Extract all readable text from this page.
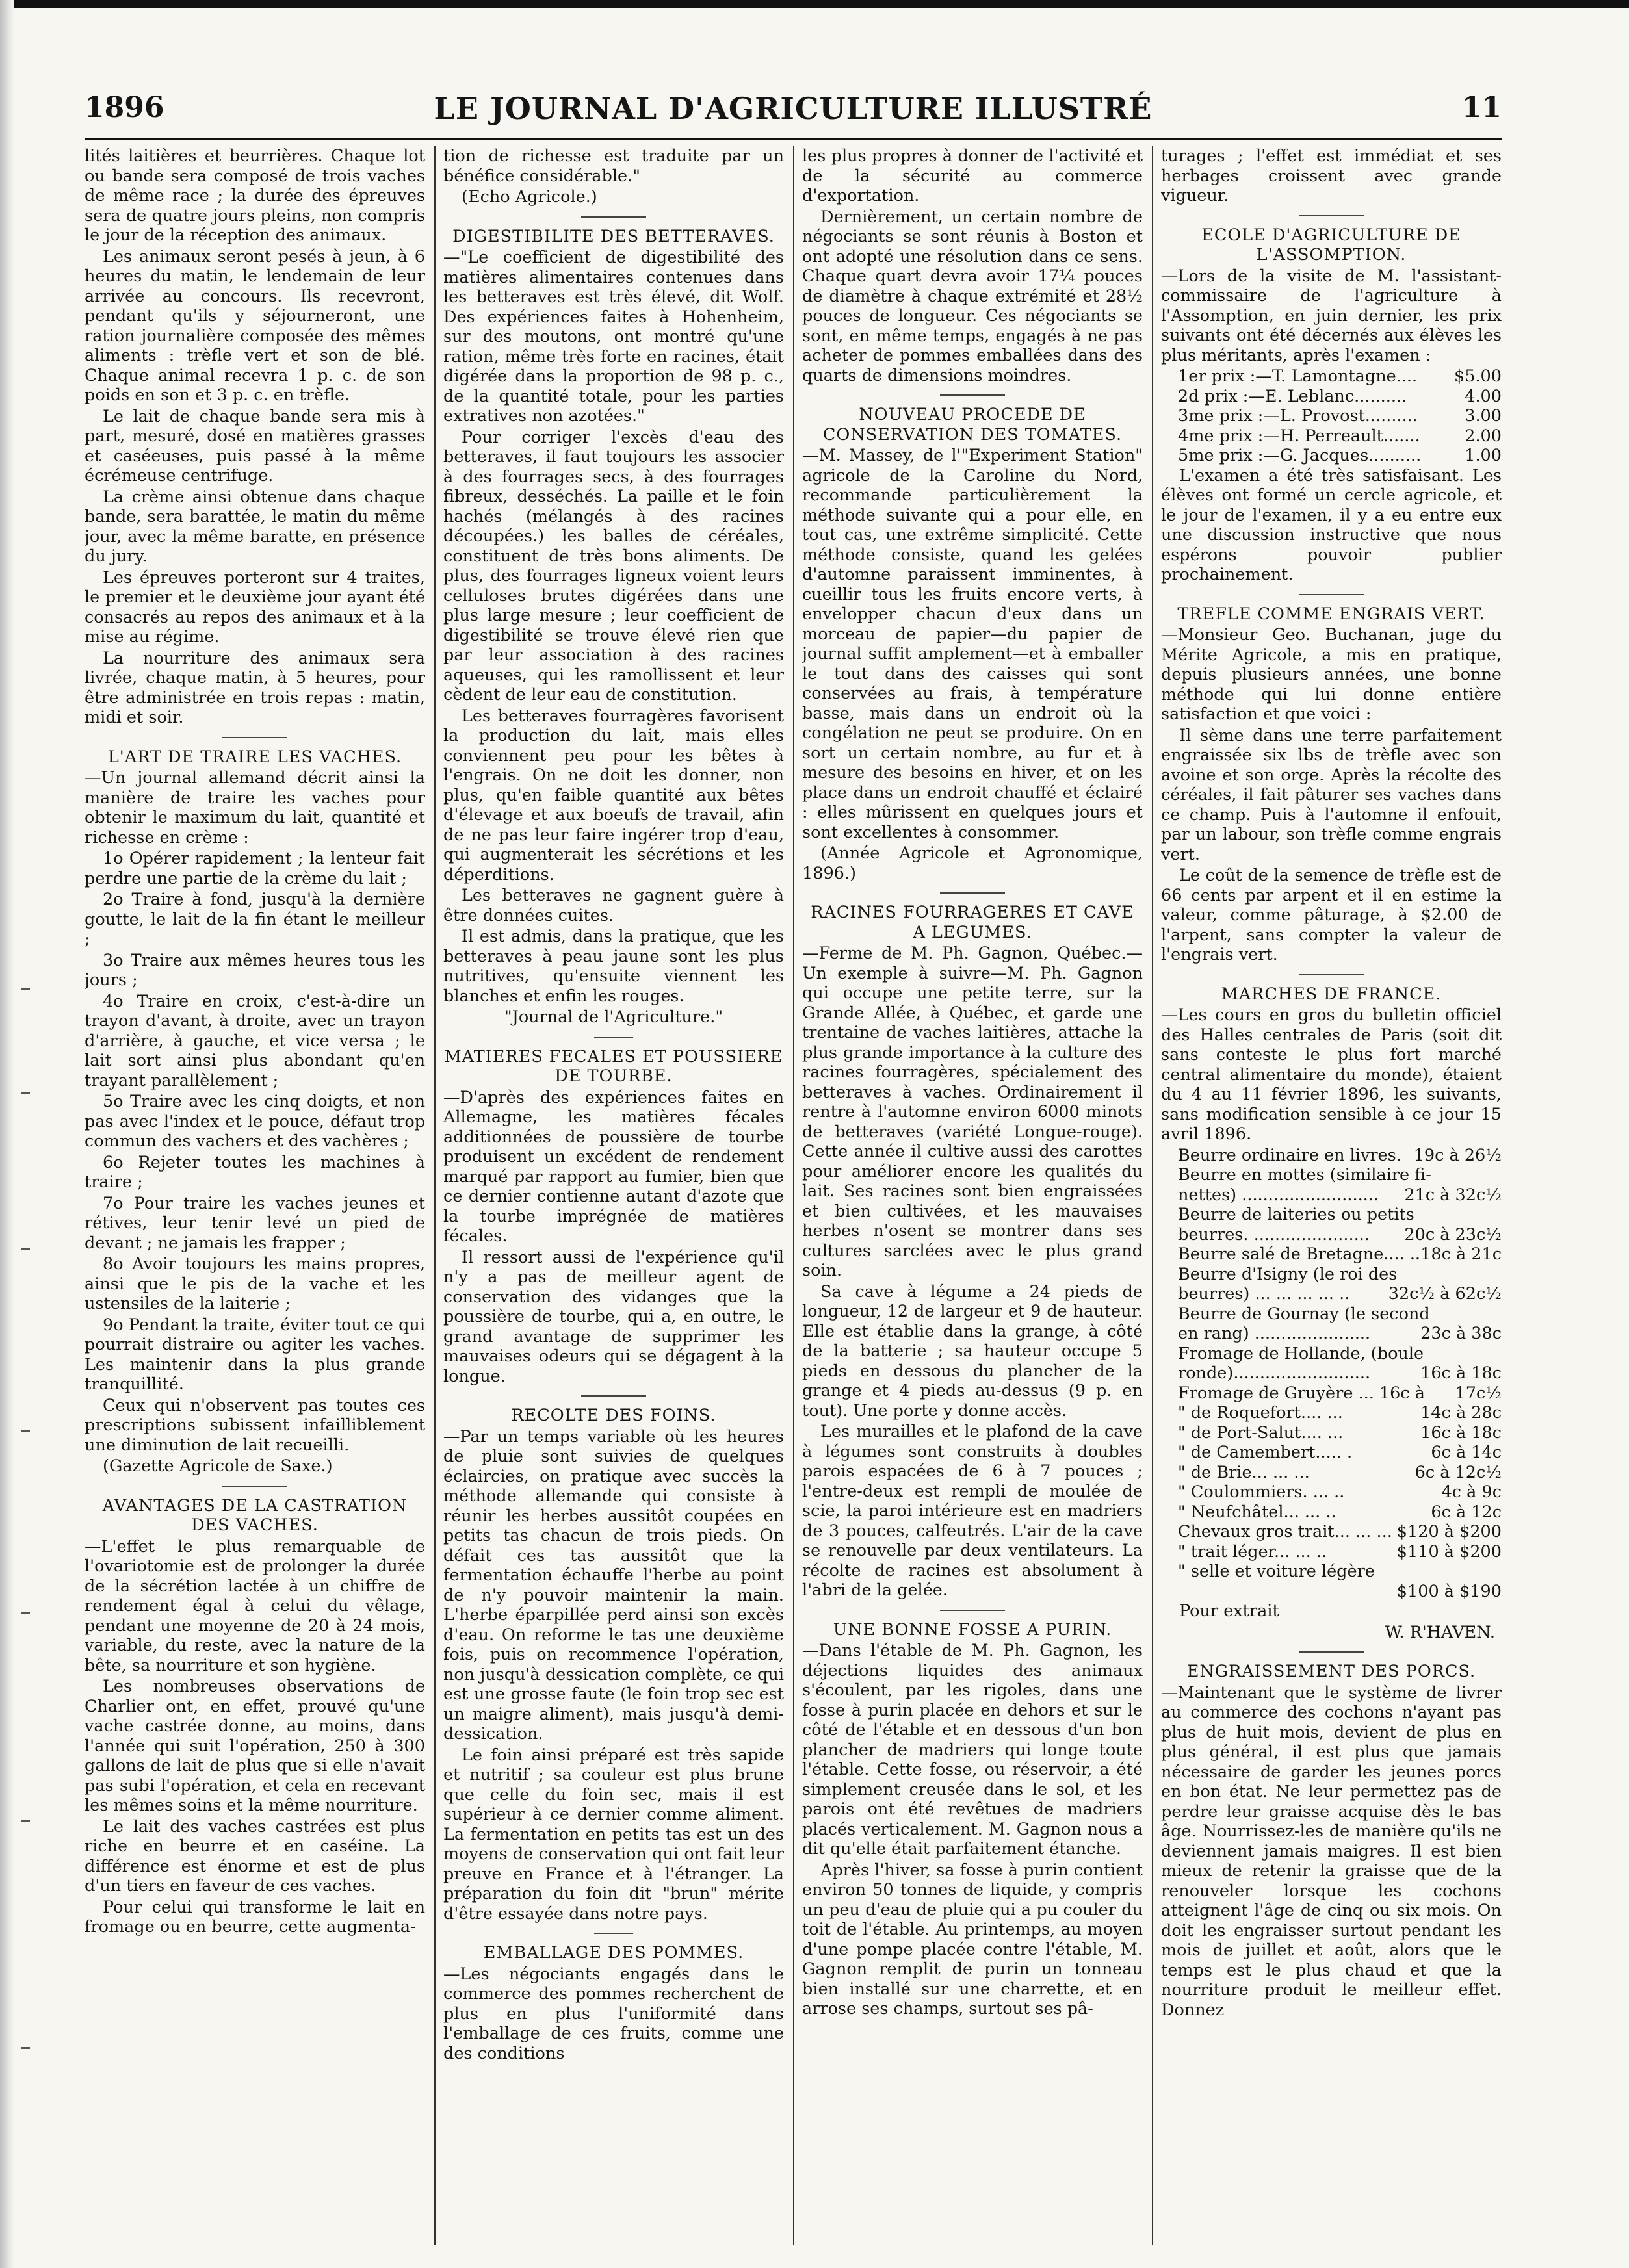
1896	LE JOURNAL D'AGRICULTURE ILLUSTRÉ	11

lités laitières et beurrières. Chaque lot ou bande sera composé de trois vaches de même race ; la durée des épreuves sera de quatre jours pleins, non compris le jour de la réception des animaux.

Les animaux seront pesés à jeun, à 6 heures du matin, le lendemain de leur arrivée au concours. Ils recevront, pendant qu'ils y séjourneront, une ration journalière composée des mêmes aliments : trèfle vert et son de blé. Chaque animal recevra 1 p. c. de son poids en son et 3 p. c. en trèfle.

Le lait de chaque bande sera mis à part, mesuré, dosé en matières grasses et caséeuses, puis passé à la même écrémeuse centrifuge.

La crème ainsi obtenue dans chaque bande, sera barattée, le matin du même jour, avec la même baratte, en présence du jury.

Les épreuves porteront sur 4 traites, le premier et le deuxième jour ayant été consacrés au repos des animaux et à la mise au régime.

La nourriture des animaux sera livrée, chaque matin, à 5 heures, pour être administrée en trois repas : matin, midi et soir.

L'ART DE TRAIRE LES VACHES.

—Un journal allemand décrit ainsi la manière de traire les vaches pour obtenir le maximum du lait, quantité et richesse en crème :

1o Opérer rapidement ; la lenteur fait perdre une partie de la crème du lait ;

2o Traire à fond, jusqu'à la dernière goutte, le lait de la fin étant le meilleur ;

3o Traire aux mêmes heures tous les jours ;

4o Traire en croix, c'est-à-dire un trayon d'avant, à droite, avec un trayon d'arrière, à gauche, et vice versa ; le lait sort ainsi plus abondant qu'en trayant parallèlement ;

5o Traire avec les cinq doigts, et non pas avec l'index et le pouce, défaut trop commun des vachers et des vachères ;

6o Rejeter toutes les machines à traire ;

7o Pour traire les vaches jeunes et rétives, leur tenir levé un pied de devant ; ne jamais les frapper ;

8o Avoir toujours les mains propres, ainsi que le pis de la vache et les ustensiles de la laiterie ;

9o Pendant la traite, éviter tout ce qui pourrait distraire ou agiter les vaches. Les maintenir dans la plus grande tranquillité.

Ceux qui n'observent pas toutes ces prescriptions subissent infailliblement une diminution de lait recueilli.

(Gazette Agricole de Saxe.)

AVANTAGES DE LA CASTRATION DES VACHES.

—L'effet le plus remarquable de l'ovariotomie est de prolonger la durée de la sécrétion lactée à un chiffre de rendement égal à celui du vêlage, pendant une moyenne de 20 à 24 mois, variable, du reste, avec la nature de la bête, sa nourriture et son hygiène.

Les nombreuses observations de Charlier ont, en effet, prouvé qu'une vache castrée donne, au moins, dans l'année qui suit l'opération, 250 à 300 gallons de lait de plus que si elle n'avait pas subi l'opération, et cela en recevant les mêmes soins et la même nourriture.

Le lait des vaches castrées est plus riche en beurre et en caséine. La différence est énorme et est de plus d'un tiers en faveur de ces vaches.

Pour celui qui transforme le lait en fromage ou en beurre, cette augmenta-

tion de richesse est traduite par un bénéfice considérable."

(Echo Agricole.)

DIGESTIBILITE DES BETTERAVES.

—"Le coefficient de digestibilité des matières alimentaires contenues dans les betteraves est très élevé, dit Wolf. Des expériences faites à Hohenheim, sur des moutons, ont montré qu'une ration, même très forte en racines, était digérée dans la proportion de 98 p. c., de la quantité totale, pour les parties extratives non azotées."

Pour corriger l'excès d'eau des betteraves, il faut toujours les associer à des fourrages secs, à des fourrages fibreux, desséchés. La paille et le foin hachés (mélangés à des racines découpées.) les balles de céréales, constituent de très bons aliments. De plus, des fourrages ligneux voient leurs celluloses brutes digérées dans une plus large mesure ; leur coefficient de digestibilité se trouve élevé rien que par leur association à des racines aqueuses, qui les ramollissent et leur cèdent de leur eau de constitution.

Les betteraves fourragères favorisent la production du lait, mais elles conviennent peu pour les bêtes à l'engrais. On ne doit les donner, non plus, qu'en faible quantité aux bêtes d'élevage et aux boeufs de travail, afin de ne pas leur faire ingérer trop d'eau, qui augmenterait les sécrétions et les déperditions.

Les betteraves ne gagnent guère à être données cuites.

Il est admis, dans la pratique, que les betteraves à peau jaune sont les plus nutritives, qu'ensuite viennent les blanches et enfin les rouges.

"Journal de l'Agriculture."

MATIERES FECALES ET POUSSIERE DE TOURBE.

—D'après des expériences faites en Allemagne, les matières fécales additionnées de poussière de tourbe produisent un excédent de rendement marqué par rapport au fumier, bien que ce dernier contienne autant d'azote que la tourbe imprégnée de matières fécales.

Il ressort aussi de l'expérience qu'il n'y a pas de meilleur agent de conservation des vidanges que la poussière de tourbe, qui a, en outre, le grand avantage de supprimer les mauvaises odeurs qui se dégagent à la longue.

RECOLTE DES FOINS.

—Par un temps variable où les heures de pluie sont suivies de quelques éclaircies, on pratique avec succès la méthode allemande qui consiste à réunir les herbes aussitôt coupées en petits tas chacun de trois pieds. On défait ces tas aussitôt que la fermentation échauffe l'herbe au point de n'y pouvoir maintenir la main. L'herbe éparpillée perd ainsi son excès d'eau. On reforme le tas une deuxième fois, puis on recommence l'opération, non jusqu'à dessication complète, ce qui est une grosse faute (le foin trop sec est un maigre aliment), mais jusqu'à demi-dessication.

Le foin ainsi préparé est très sapide et nutritif ; sa couleur est plus brune que celle du foin sec, mais il est supérieur à ce dernier comme aliment. La fermentation en petits tas est un des moyens de conservation qui ont fait leur preuve en France et à l'étranger. La préparation du foin dit "brun" mérite d'être essayée dans notre pays.

EMBALLAGE DES POMMES.

—Les négociants engagés dans le commerce des pommes recherchent de plus en plus l'uniformité dans l'emballage de ces fruits, comme une des conditions

les plus propres à donner de l'activité et de la sécurité au commerce d'exportation.

Dernièrement, un certain nombre de négociants se sont réunis à Boston et ont adopté une résolution dans ce sens. Chaque quart devra avoir 17¼ pouces de diamètre à chaque extrémité et 28½ pouces de longueur. Ces négociants se sont, en même temps, engagés à ne pas acheter de pommes emballées dans des quarts de dimensions moindres.

NOUVEAU PROCEDE DE CONSERVATION DES TOMATES.

—M. Massey, de l'"Experiment Station" agricole de la Caroline du Nord, recommande particulièrement la méthode suivante qui a pour elle, en tout cas, une extrême simplicité. Cette méthode consiste, quand les gelées d'automne paraissent imminentes, à cueillir tous les fruits encore verts, à envelopper chacun d'eux dans un morceau de papier—du papier de journal suffit amplement—et à emballer le tout dans des caisses qui sont conservées au frais, à température basse, mais dans un endroit où la congélation ne peut se produire. On en sort un certain nombre, au fur et à mesure des besoins en hiver, et on les place dans un endroit chauffé et éclairé : elles mûrissent en quelques jours et sont excellentes à consommer.

(Année Agricole et Agronomique, 1896.)

RACINES FOURRAGERES ET CAVE A LEGUMES.

—Ferme de M. Ph. Gagnon, Québec.—Un exemple à suivre—M. Ph. Gagnon qui occupe une petite terre, sur la Grande Allée, à Québec, et garde une trentaine de vaches laitières, attache la plus grande importance à la culture des racines fourragères, spécialement des betteraves à vaches. Ordinairement il rentre à l'automne environ 6000 minots de betteraves (variété Longue-rouge). Cette année il cultive aussi des carottes pour améliorer encore les qualités du lait. Ses racines sont bien engraissées et bien cultivées, et les mauvaises herbes n'osent se montrer dans ses cultures sarclées avec le plus grand soin.

Sa cave à légume a 24 pieds de longueur, 12 de largeur et 9 de hauteur. Elle est établie dans la grange, à côté de la batterie ; sa hauteur occupe 5 pieds en dessous du plancher de la grange et 4 pieds au-dessus (9 p. en tout). Une porte y donne accès.

Les murailles et le plafond de la cave à légumes sont construits à doubles parois espacées de 6 à 7 pouces ; l'entre-deux est rempli de moulée de scie, la paroi intérieure est en madriers de 3 pouces, calfeutrés. L'air de la cave se renouvelle par deux ventilateurs. La récolte de racines est absolument à l'abri de la gelée.

UNE BONNE FOSSE A PURIN.

—Dans l'étable de M. Ph. Gagnon, les déjections liquides des animaux s'écoulent, par les rigoles, dans une fosse à purin placée en dehors et sur le côté de l'étable et en dessous d'un bon plancher de madriers qui longe toute l'étable. Cette fosse, ou réservoir, a été simplement creusée dans le sol, et les parois ont été revêtues de madriers placés verticalement. M. Gagnon nous a dit qu'elle était parfaitement étanche.

Après l'hiver, sa fosse à purin contient environ 50 tonnes de liquide, y compris un peu d'eau de pluie qui a pu couler du toit de l'étable. Au printemps, au moyen d'une pompe placée contre l'étable, M. Gagnon remplit de purin un tonneau bien installé sur une charrette, et en arrose ses champs, surtout ses pâ-

turages ; l'effet est immédiat et ses herbages croissent avec grande vigueur.

ECOLE D'AGRICULTURE DE L'ASSOMPTION.

—Lors de la visite de M. l'assistant-commissaire de l'agriculture à l'Assomption, en juin dernier, les prix suivants ont été décernés aux élèves les plus méritants, après l'examen :

1er prix :—T. Lamontagne....	$5.00
2d prix :—E. Leblanc..........	4.00
3me prix :—L. Provost..........	3.00
4me prix :—H. Perreault.......	2.00
5me prix :—G. Jacques..........	1.00

L'examen a été très satisfaisant. Les élèves ont formé un cercle agricole, et le jour de l'examen, il y a eu entre eux une discussion instructive que nous espérons pouvoir publier prochainement.

TREFLE COMME ENGRAIS VERT.

—Monsieur Geo. Buchanan, juge du Mérite Agricole, a mis en pratique, depuis plusieurs années, une bonne méthode qui lui donne entière satisfaction et que voici :

Il sème dans une terre parfaitement engraissée six lbs de trèfle avec son avoine et son orge. Après la récolte des céréales, il fait pâturer ses vaches dans ce champ. Puis à l'automne il enfouit, par un labour, son trèfle comme engrais vert.

Le coût de la semence de trèfle est de 66 cents par arpent et il en estime la valeur, comme pâturage, à $2.00 de l'arpent, sans compter la valeur de l'engrais vert.

MARCHES DE FRANCE.

—Les cours en gros du bulletin officiel des Halles centrales de Paris (soit dit sans conteste le plus fort marché central alimentaire du monde), étaient du 4 au 11 février 1896, les suivants, sans modification sensible à ce jour 15 avril 1896.

Beurre ordinaire en livres. 19c à 26½
Beurre en mottes (similaire fi-
nettes) ..........................	21c à 32c½
Beurre de laiteries ou petits
beurres. ......................	20c à 23c½
Beurre salé de Bretagne.... .. 18c à 21c
Beurre d'Isigny (le roi des
beurres) ... ... ... ... ..	32c½ à 62c½
Beurre de Gournay (le second
en rang) ......................	23c à 38c
Fromage de Hollande, (boule
ronde)..........................	16c à 18c
Fromage de Gruyère ... 16c à	17c½
" de Roquefort.... ...	14c à 28c
" de Port-Salut.... ...	16c à 18c
" de Camembert..... .	6c à 14c
" de Brie... ... ...	6c à 12c½
" Coulommiers. ... ..	4c à 9c
" Neufchâtel... ... ..	6c à 12c
Chevaux gros trait... ... ... $120 à $200
" trait léger... ... ..	$110 à $200
" selle et voiture légère
$100 à $190

Pour extrait

W. R'HAVEN.

ENGRAISSEMENT DES PORCS.

—Maintenant que le système de livrer au commerce des cochons n'ayant pas plus de huit mois, devient de plus en plus général, il est plus que jamais nécessaire de garder les jeunes porcs en bon état. Ne leur permettez pas de perdre leur graisse acquise dès le bas âge. Nourrissez-les de manière qu'ils ne deviennent jamais maigres. Il est bien mieux de retenir la graisse que de la renouveler lorsque les cochons atteignent l'âge de cinq ou six mois. On doit les engraisser surtout pendant les mois de juillet et août, alors que le temps est le plus chaud et que la nourriture produit le meilleur effet. Donnez
